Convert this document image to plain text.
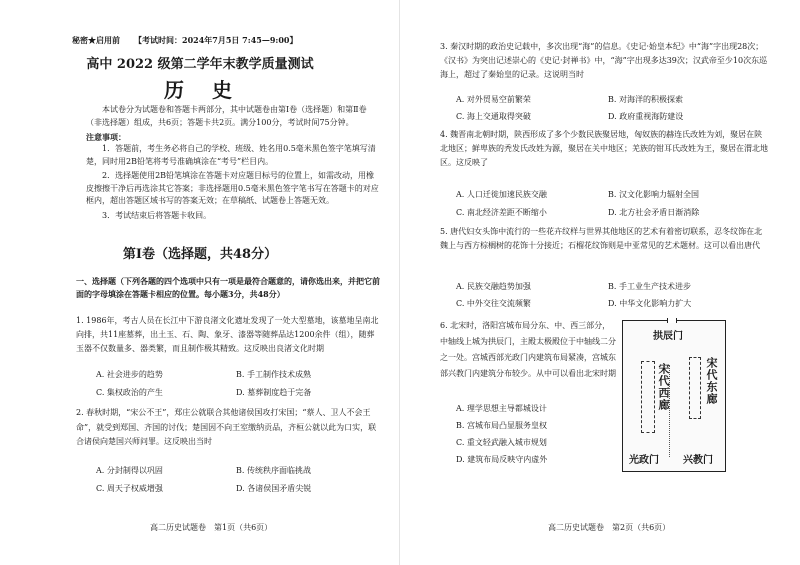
秘密★启用前 【考试时间：2024年7月5日 7:45—9:00】
高中 2022 级第二学年末教学质量测试
历　史
本试卷分为试题卷和答题卡两部分，其中试题卷由第Ⅰ卷（选择题）和第Ⅱ卷（非选择题）组成，共6页；答题卡共2页。满分100分，考试时间75分钟。
注意事项：
1．答题前，考生务必将自己的学校、班级、姓名用0.5毫米黑色签字笔填写清楚，同时用2B铅笔将考号准确填涂在“考号”栏目内。
2．选择题使用2B铅笔填涂在答题卡对应题目标号的位置上，如需改动，用橡皮擦擦干净后再选涂其它答案；非选择题用0.5毫米黑色签字笔书写在答题卡的对应框内，超出答题区域书写的答案无效；在草稿纸、试题卷上答题无效。
3．考试结束后将答题卡收回。
第Ⅰ卷（选择题，共48分）
一、选择题（下列各题的四个选项中只有一项是最符合题意的，请你选出来，并把它前面的字母填涂在答题卡相应的位置。每小题3分，共48分）
1. 1986年，考古人员在长江中下游良渚文化遗址发现了一处大型墓地，该墓地呈南北向排，共11座墓葬，出土玉、石、陶、象牙、漆器等随葬品达1200余件（组），随葬玉器不仅数量多、器类繁，而且制作极其精致。这反映出良渚文化时期
A. 社会进步的趋势	B. 手工制作技术成熟
C. 集权政治的产生	D. 墓葬制度趋于完备
2. 春秋时期，“宋公不王”，郑庄公就联合其他诸侯国攻打宋国；“蔡人、卫人不会王命”，就受到郑国、齐国的讨伐；楚国因不向王室缴纳贡品，齐桓公就以此为口实，联合诸侯向楚国兴师问罪。这反映出当时
A. 分封制得以巩固	B. 传统秩序面临挑战
C. 周天子权威增强	D. 各诸侯国矛盾尖锐
高二历史试题卷　第1页（共6页）
3. 秦汉时期的政治史记载中，多次出现“海”的信息。《史记·始皇本纪》中“海”字出现28次；《汉书》为突出记述崇心的《史记·封禅书》中，“海”字出现多达39次；汉武帝至少10次东巡海上，超过了秦始皇的记录。这说明当时
A. 对外贸易空前繁荣	B. 对海洋的积极探索
C. 海上交通取得突破	D. 政府重视海防建设
4. 魏晋南北朝时期，陕西形成了多个少数民族聚居地，匈奴族的赫连氏改姓为刘，聚居在陕北地区；鲜卑族的秃发氏改姓为源，聚居在关中地区；羌族的钳耳氏改姓为王，聚居在渭北地区。这反映了
A. 人口迁徙加速民族交融	B. 汉文化影响力辐射全国
C. 南北经济差距不断缩小	D. 北方社会矛盾日渐消除
5. 唐代妇女头饰中流行的一些花卉纹样与世界其他地区的艺术有着密切联系，忍冬纹饰在北魏上与西方棕榈树的花饰十分接近；石榴花纹饰则是中亚常见的艺术题材。这可以看出唐代
A. 民族交融趋势加强	B. 手工业生产技术进步
C. 中外交往交流频繁	D. 中华文化影响力扩大
6. 北宋时，洛阳宫城布局分东、中、西三部分，中轴线上城为拱辰门，主殿太极殿位于中轴线二分之一处。宫城西部光政门内建筑布局紧凑，宫城东部兴教门内建筑分布较少。从中可以看出北宋时期
A. 理学思想主导都城设计
B. 宫城布局凸显服务皇权
C. 重文轻武融入城市规划
D. 建筑布局反映守内虚外
拱辰门
宋代西廊	宋代东廊
光政门 兴教门
高二历史试题卷　第2页（共6页）
